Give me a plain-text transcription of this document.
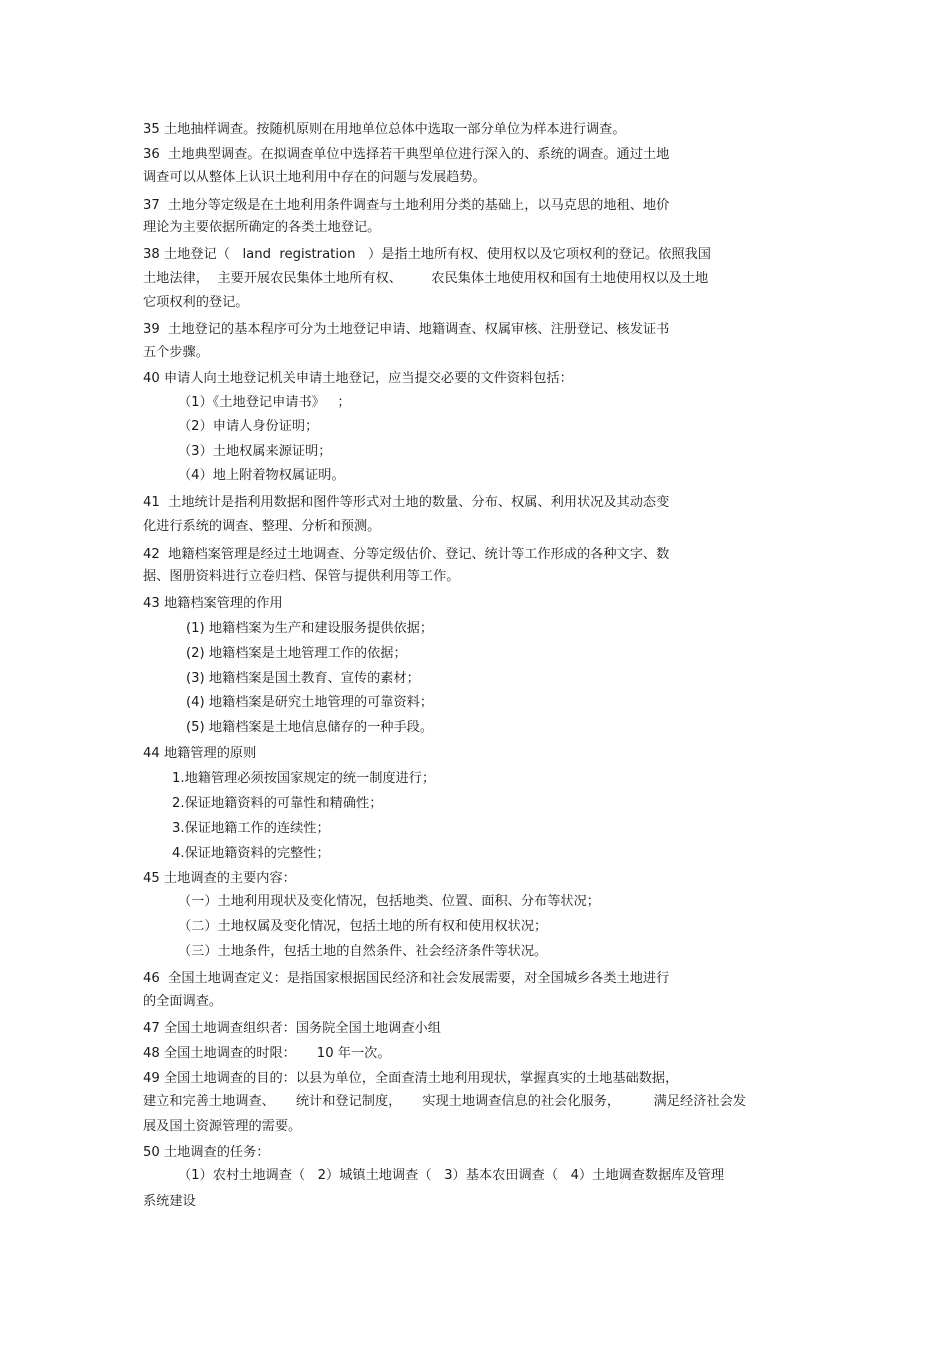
35 土地抽样调查。按随机原则在用地单位总体中选取一部分单位为样本进行调查。
36  土地典型调查。在拟调查单位中选择若干典型单位进行深入的、系统的调查。通过土地
调查可以从整体上认识土地利用中存在的问题与发展趋势。
37  土地分等定级是在土地利用条件调查与土地利用分类的基础上，以马克思的地租、地价
理论为主要依据所确定的各类土地登记。
38 土地登记（   land  registration   ）是指土地所有权、使用权以及它项权利的登记。依照我国
土地法律，  主要开展农民集体土地所有权、       农民集体土地使用权和国有土地使用权以及土地
它项权利的登记。
39  土地登记的基本程序可分为土地登记申请、地籍调查、权属审核、注册登记、核发证书
五个步骤。
40 申请人向土地登记机关申请土地登记，应当提交必要的文件资料包括：
（1）《土地登记申请书》   ；
（2）申请人身份证明；
（3）土地权属来源证明；
（4）地上附着物权属证明。
41  土地统计是指利用数据和图件等形式对土地的数量、分布、权属、利用状况及其动态变
化进行系统的调查、整理、分析和预测。
42  地籍档案管理是经过土地调查、分等定级估价、登记、统计等工作形成的各种文字、数
据、图册资料进行立卷归档、保管与提供利用等工作。
43 地籍档案管理的作用
(1) 地籍档案为生产和建设服务提供依据；
(2) 地籍档案是土地管理工作的依据；
(3) 地籍档案是国土教育、宣传的素材；
(4) 地籍档案是研究土地管理的可靠资料；
(5) 地籍档案是土地信息储存的一种手段。
44 地籍管理的原则
1.地籍管理必须按国家规定的统一制度进行；
2.保证地籍资料的可靠性和精确性；
3.保证地籍工作的连续性；
4.保证地籍资料的完整性；
45 土地调查的主要内容：
（一）土地利用现状及变化情况，包括地类、位置、面积、分布等状况；
（二）土地权属及变化情况，包括土地的所有权和使用权状况；
（三）土地条件，包括土地的自然条件、社会经济条件等状况。
46  全国土地调查定义：是指国家根据国民经济和社会发展需要，对全国城乡各类土地进行
的全面调查。
47 全国土地调查组织者：国务院全国土地调查小组
48 全国土地调查的时限：     10 年一次。
49 全国土地调查的目的：以县为单位，全面查清土地利用现状，掌握真实的土地基础数据，
建立和完善土地调查、     统计和登记制度，     实现土地调查信息的社会化服务，        满足经济社会发
展及国土资源管理的需要。
50 土地调查的任务：
（1）农村土地调查（   2）城镇土地调查（   3）基本农田调查（   4）土地调查数据库及管理
系统建设
